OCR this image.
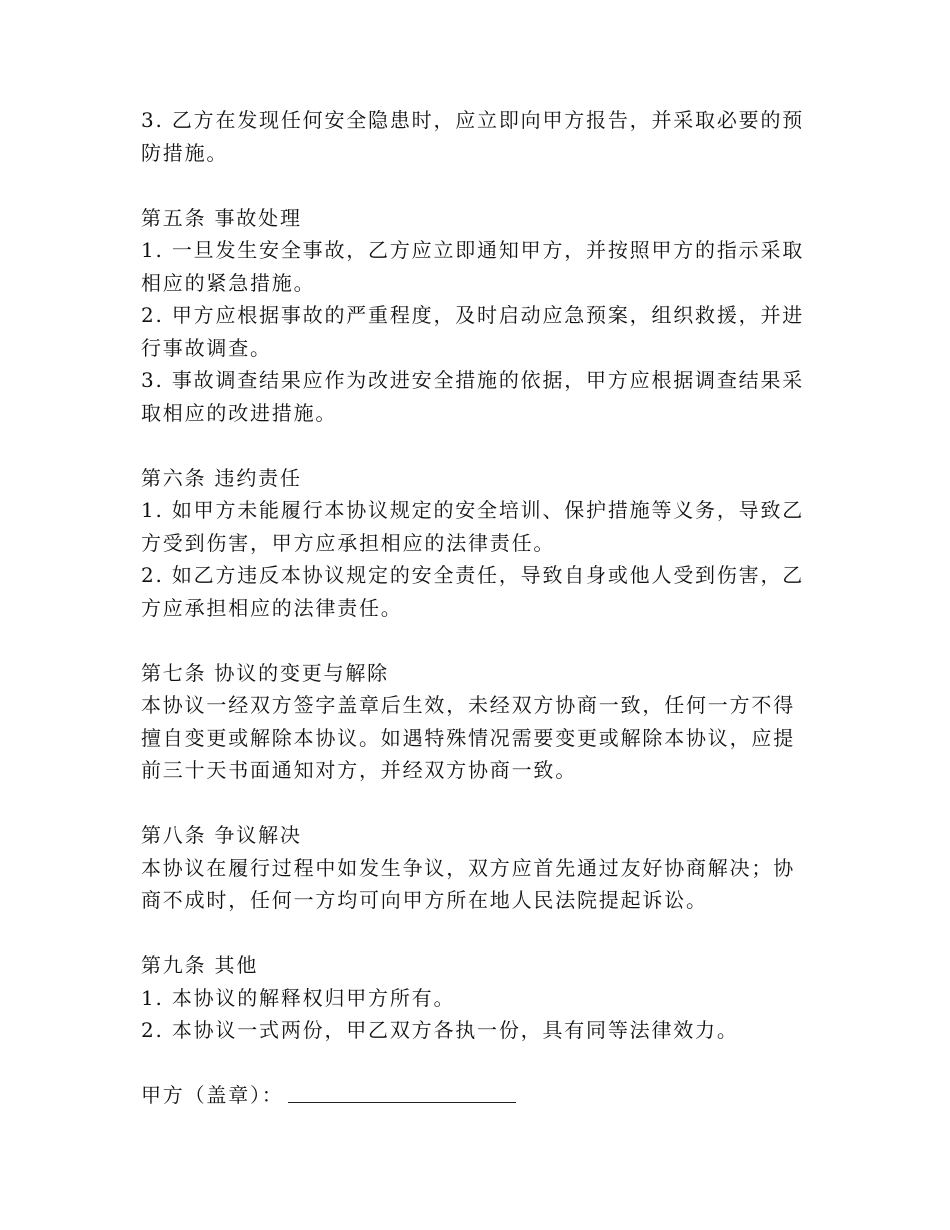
3. 乙方在发现任何安全隐患时，应立即向甲方报告，并采取必要的预
防措施。
第五条 事故处理
1. 一旦发生安全事故，乙方应立即通知甲方，并按照甲方的指示采取
相应的紧急措施。
2. 甲方应根据事故的严重程度，及时启动应急预案，组织救援，并进
行事故调查。
3. 事故调查结果应作为改进安全措施的依据，甲方应根据调查结果采
取相应的改进措施。
第六条 违约责任
1. 如甲方未能履行本协议规定的安全培训、保护措施等义务，导致乙
方受到伤害，甲方应承担相应的法律责任。
2. 如乙方违反本协议规定的安全责任，导致自身或他人受到伤害，乙
方应承担相应的法律责任。
第七条 协议的变更与解除
本协议一经双方签字盖章后生效，未经双方协商一致，任何一方不得
擅自变更或解除本协议。如遇特殊情况需要变更或解除本协议，应提
前三十天书面通知对方，并经双方协商一致。
第八条 争议解决
本协议在履行过程中如发生争议，双方应首先通过友好协商解决；协
商不成时，任何一方均可向甲方所在地人民法院提起诉讼。
第九条 其他
1. 本协议的解释权归甲方所有。
2. 本协议一式两份，甲乙双方各执一份，具有同等法律效力。
甲方（盖章）：
